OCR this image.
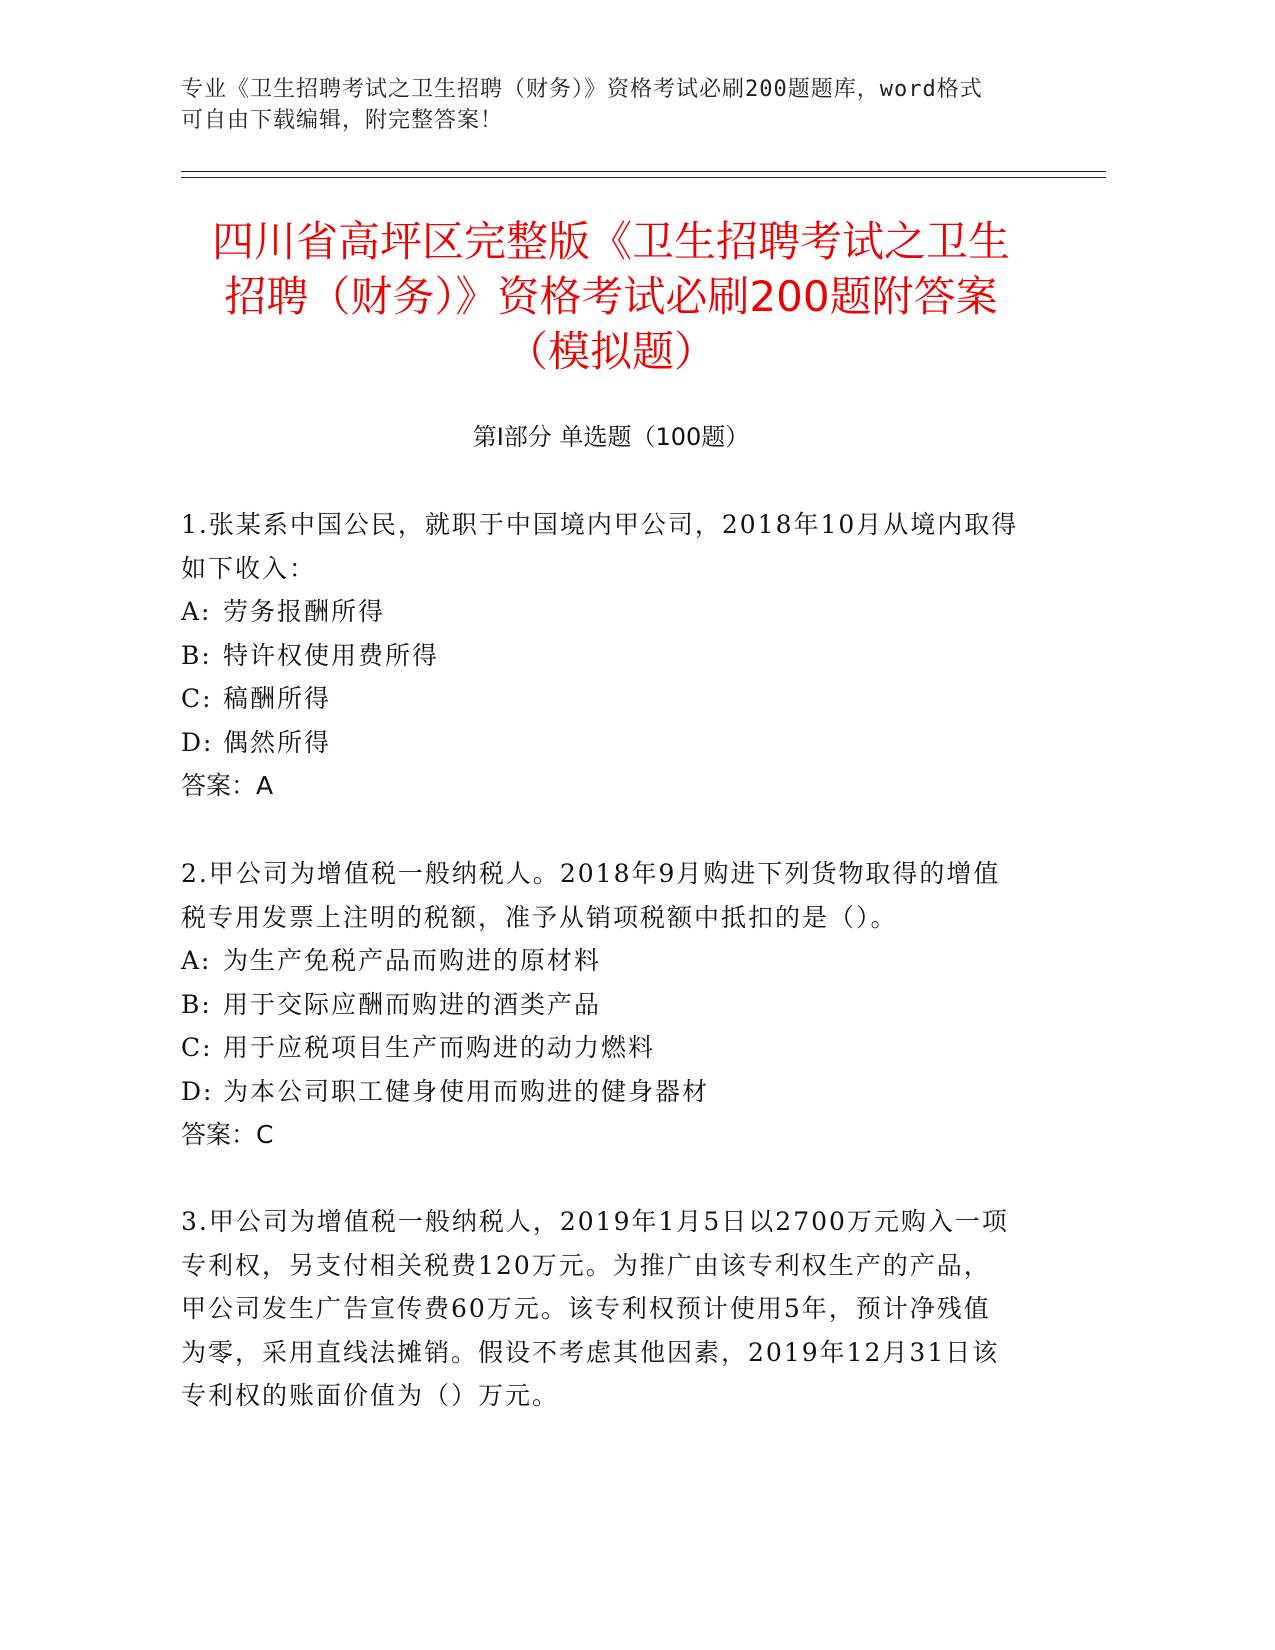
专业《卫生招聘考试之卫生招聘（财务）》资格考试必刷200题题库，word格式
可自由下载编辑，附完整答案！
四川省高坪区完整版《卫生招聘考试之卫生
招聘（财务）》资格考试必刷200题附答案
（模拟题）
第Ⅰ部分 单选题（100题）

1.张某系中国公民，就职于中国境内甲公司，2018年10月从境内取得

如下收入：

A: 劳务报酬所得

B: 特许权使用费所得

C: 稿酬所得

D: 偶然所得

答案：A

2.甲公司为增值税一般纳税人。2018年9月购进下列货物取得的增值

税专用发票上注明的税额，准予从销项税额中抵扣的是（）。

A: 为生产免税产品而购进的原材料

B: 用于交际应酬而购进的酒类产品

C: 用于应税项目生产而购进的动力燃料

D: 为本公司职工健身使用而购进的健身器材

答案：C

3.甲公司为增值税一般纳税人，2019年1月5日以2700万元购入一项

专利权，另支付相关税费120万元。为推广由该专利权生产的产品，

甲公司发生广告宣传费60万元。该专利权预计使用5年，预计净残值

为零，采用直线法摊销。假设不考虑其他因素，2019年12月31日该

专利权的账面价值为（）万元。
